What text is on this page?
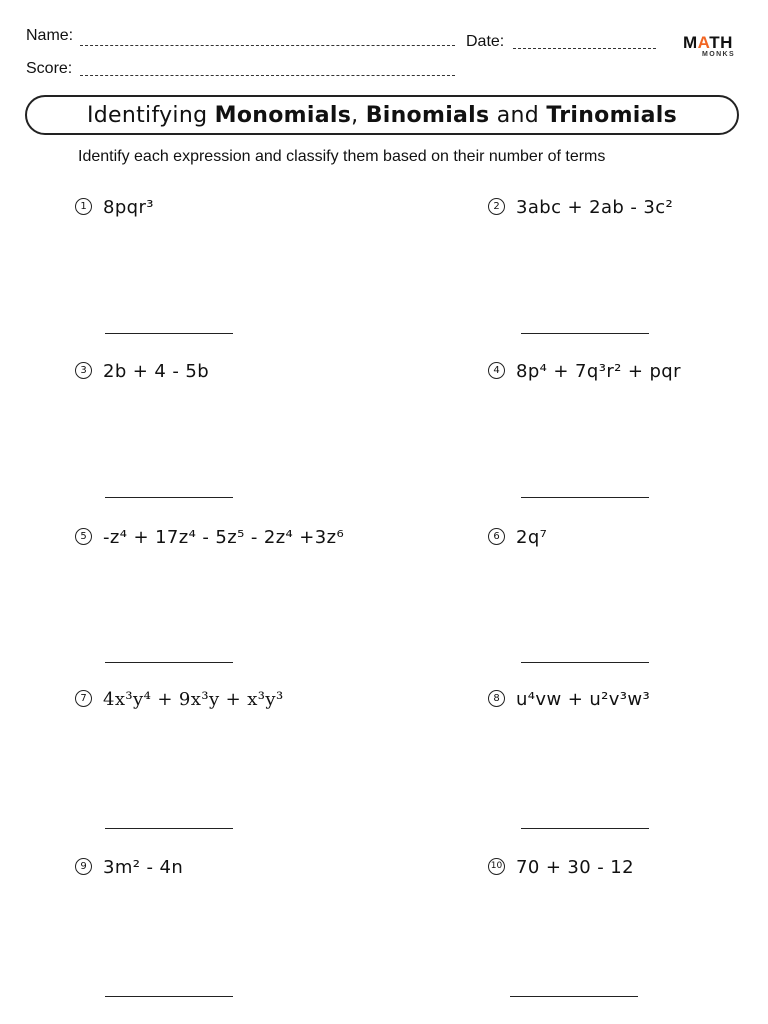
Name:	Date:
Score:
MATH
MONKS
Identifying Monomials , Binomials and Trinomials
Identify each expression and classify them based on their number of terms
1 8pqr³
3 2b + 4 - 5b
5 -z⁴ + 17z⁴ - 5z⁵ - 2z⁴ +3z⁶
7 4x³y⁴ + 9x³y + x³y³
9 3m² - 4n
2 3abc + 2ab - 3c²
4 8p⁴ + 7q³r² + pqr
6 2q⁷
8 u⁴vw + u²v³w³
10 70 + 30 - 12
